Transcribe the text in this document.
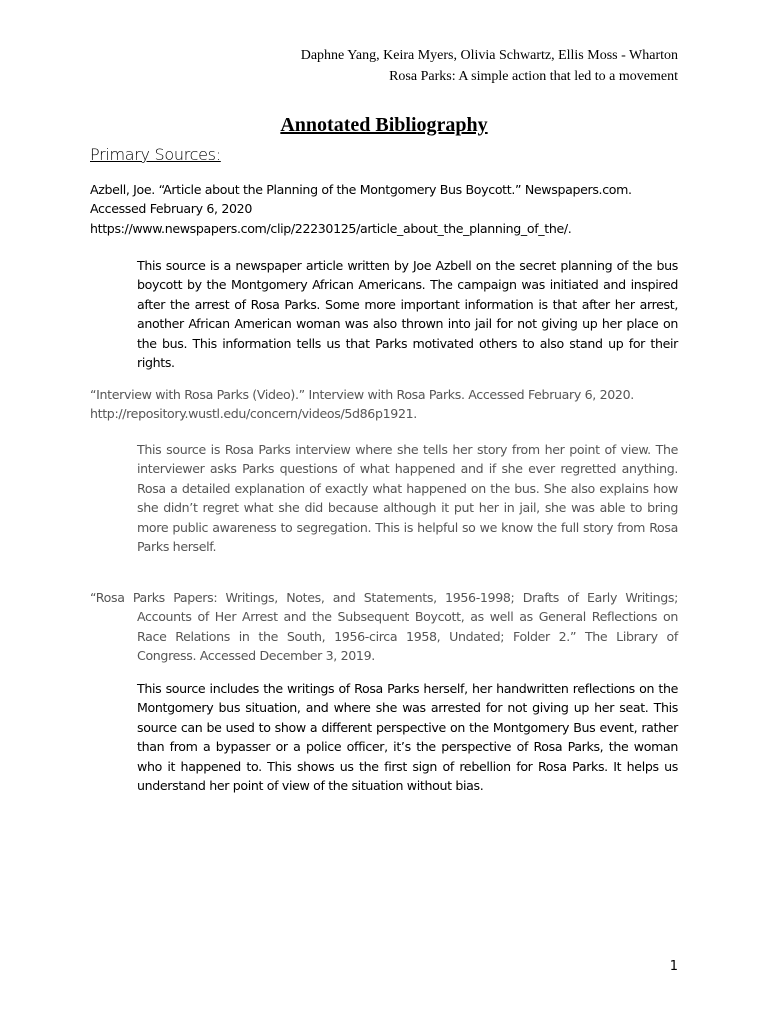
Daphne Yang, Keira Myers, Olivia Schwartz, Ellis Moss - Wharton
Rosa Parks: A simple action that led to a movement
Annotated Bibliography
Primary Sources:

Azbell, Joe. “Article about the Planning of the Montgomery Bus Boycott.” Newspapers.com.
Accessed February 6, 2020
https://www.newspapers.com/clip/22230125/article_about_the_planning_of_the/.

This source is a newspaper article written by Joe Azbell on the secret planning of the bus boycott by the Montgomery African Americans. The campaign was initiated and inspired after the arrest of Rosa Parks. Some more important information is that after her arrest, another African American woman was also thrown into jail for not giving up her place on the bus. This information tells us that Parks motivated others to also stand up for their rights.

“Interview with Rosa Parks (Video).” Interview with Rosa Parks. Accessed February 6, 2020.
http://repository.wustl.edu/concern/videos/5d86p1921.

This source is Rosa Parks interview where she tells her story from her point of view. The interviewer asks Parks questions of what happened and if she ever regretted anything. Rosa a detailed explanation of exactly what happened on the bus. She also explains how she didn’t regret what she did because although it put her in jail, she was able to bring more public awareness to segregation. This is helpful so we know the full story from Rosa Parks herself.

“Rosa Parks Papers: Writings, Notes, and Statements, 1956-1998; Drafts of Early Writings; Accounts of Her Arrest and the Subsequent Boycott, as well as General Reflections on Race Relations in the South, 1956-circa 1958, Undated; Folder 2.” The Library of Congress. Accessed December 3, 2019.

This source includes the writings of Rosa Parks herself, her handwritten reflections on the Montgomery bus situation, and where she was arrested for not giving up her seat. This source can be used to show a different perspective on the Montgomery Bus event, rather than from a bypasser or a police officer, it’s the perspective of Rosa Parks, the woman who it happened to. This shows us the first sign of rebellion for Rosa Parks. It helps us understand her point of view of the situation without bias.

1
